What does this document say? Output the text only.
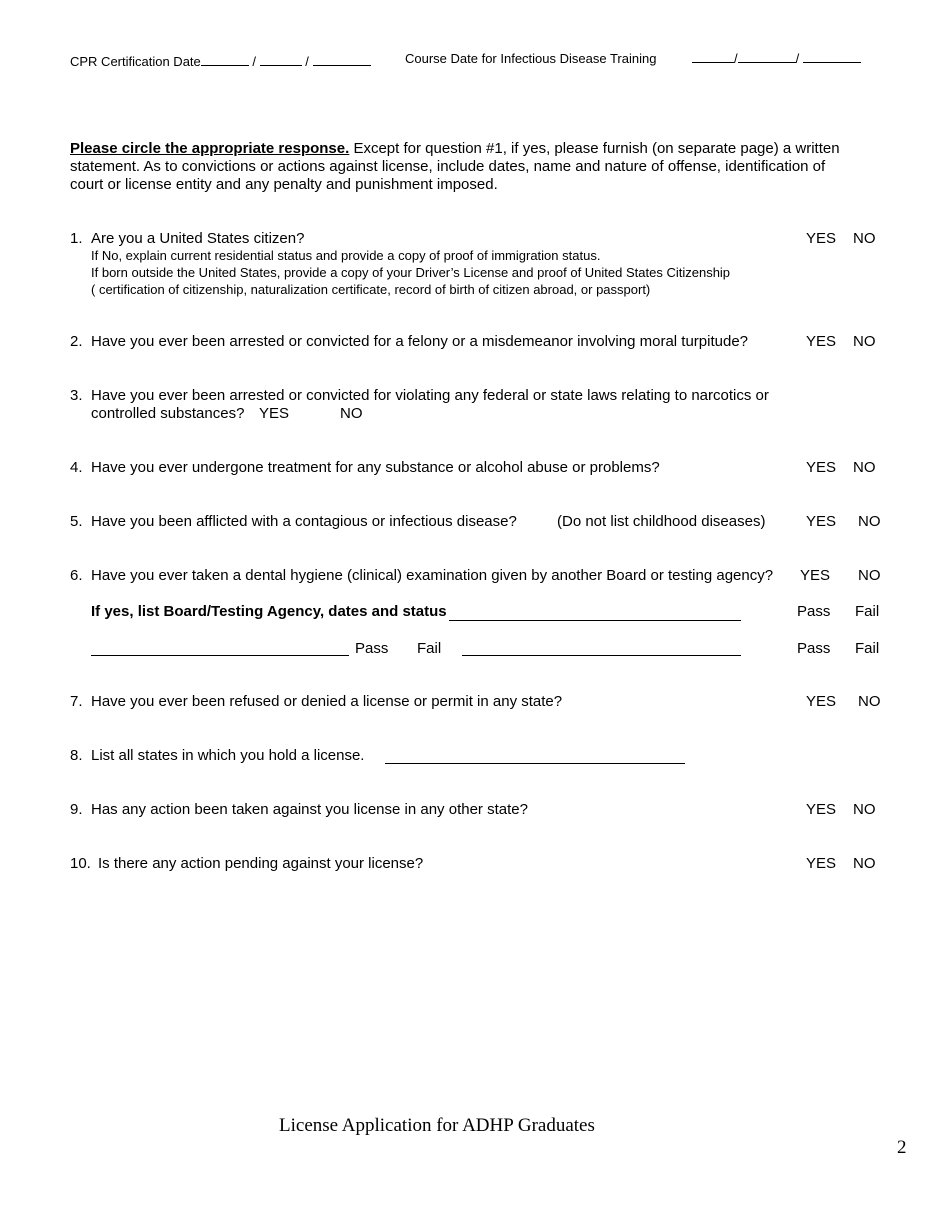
CPR Certification Date	/	/	Course Date for Infectious Disease Training	/	/
Please circle the appropriate response. Except for question #1, if yes, please furnish (on separate page) a written
statement. As to convictions or actions against license, include dates, name and nature of offense, identification of
court or license entity and any penalty and punishment imposed.
1. Are you a United States citizen?
If No, explain current residential status and provide a copy of proof of immigration status.
If born outside the United States, provide a copy of your Driver’s License and proof of United States Citizenship
( certification of citizenship, naturalization certificate, record of birth of citizen abroad, or passport)
YES NO
2. Have you ever been arrested or convicted for a felony or a misdemeanor involving moral turpitude?	YES NO
3. Have you ever been arrested or convicted for violating any federal or state laws relating to narcotics or
controlled substances? YES	NO
4. Have you ever undergone treatment for any substance or alcohol abuse or problems?	YES NO
5. Have you been afflicted with a contagious or infectious disease?	(Do not list childhood diseases)	YES NO
6. Have you ever taken a dental hygiene (clinical) examination given by another Board or testing agency? YES NO
If yes, list Board/Testing Agency, dates and status	Pass Fail
Pass Fail	Pass Fail
7. Have you ever been refused or denied a license or permit in any state?	YES NO
8. List all states in which you hold a license.
9. Has any action been taken against you license in any other state?	YES NO
10. Is there any action pending against your license?	YES NO
License Application for ADHP Graduates
2
